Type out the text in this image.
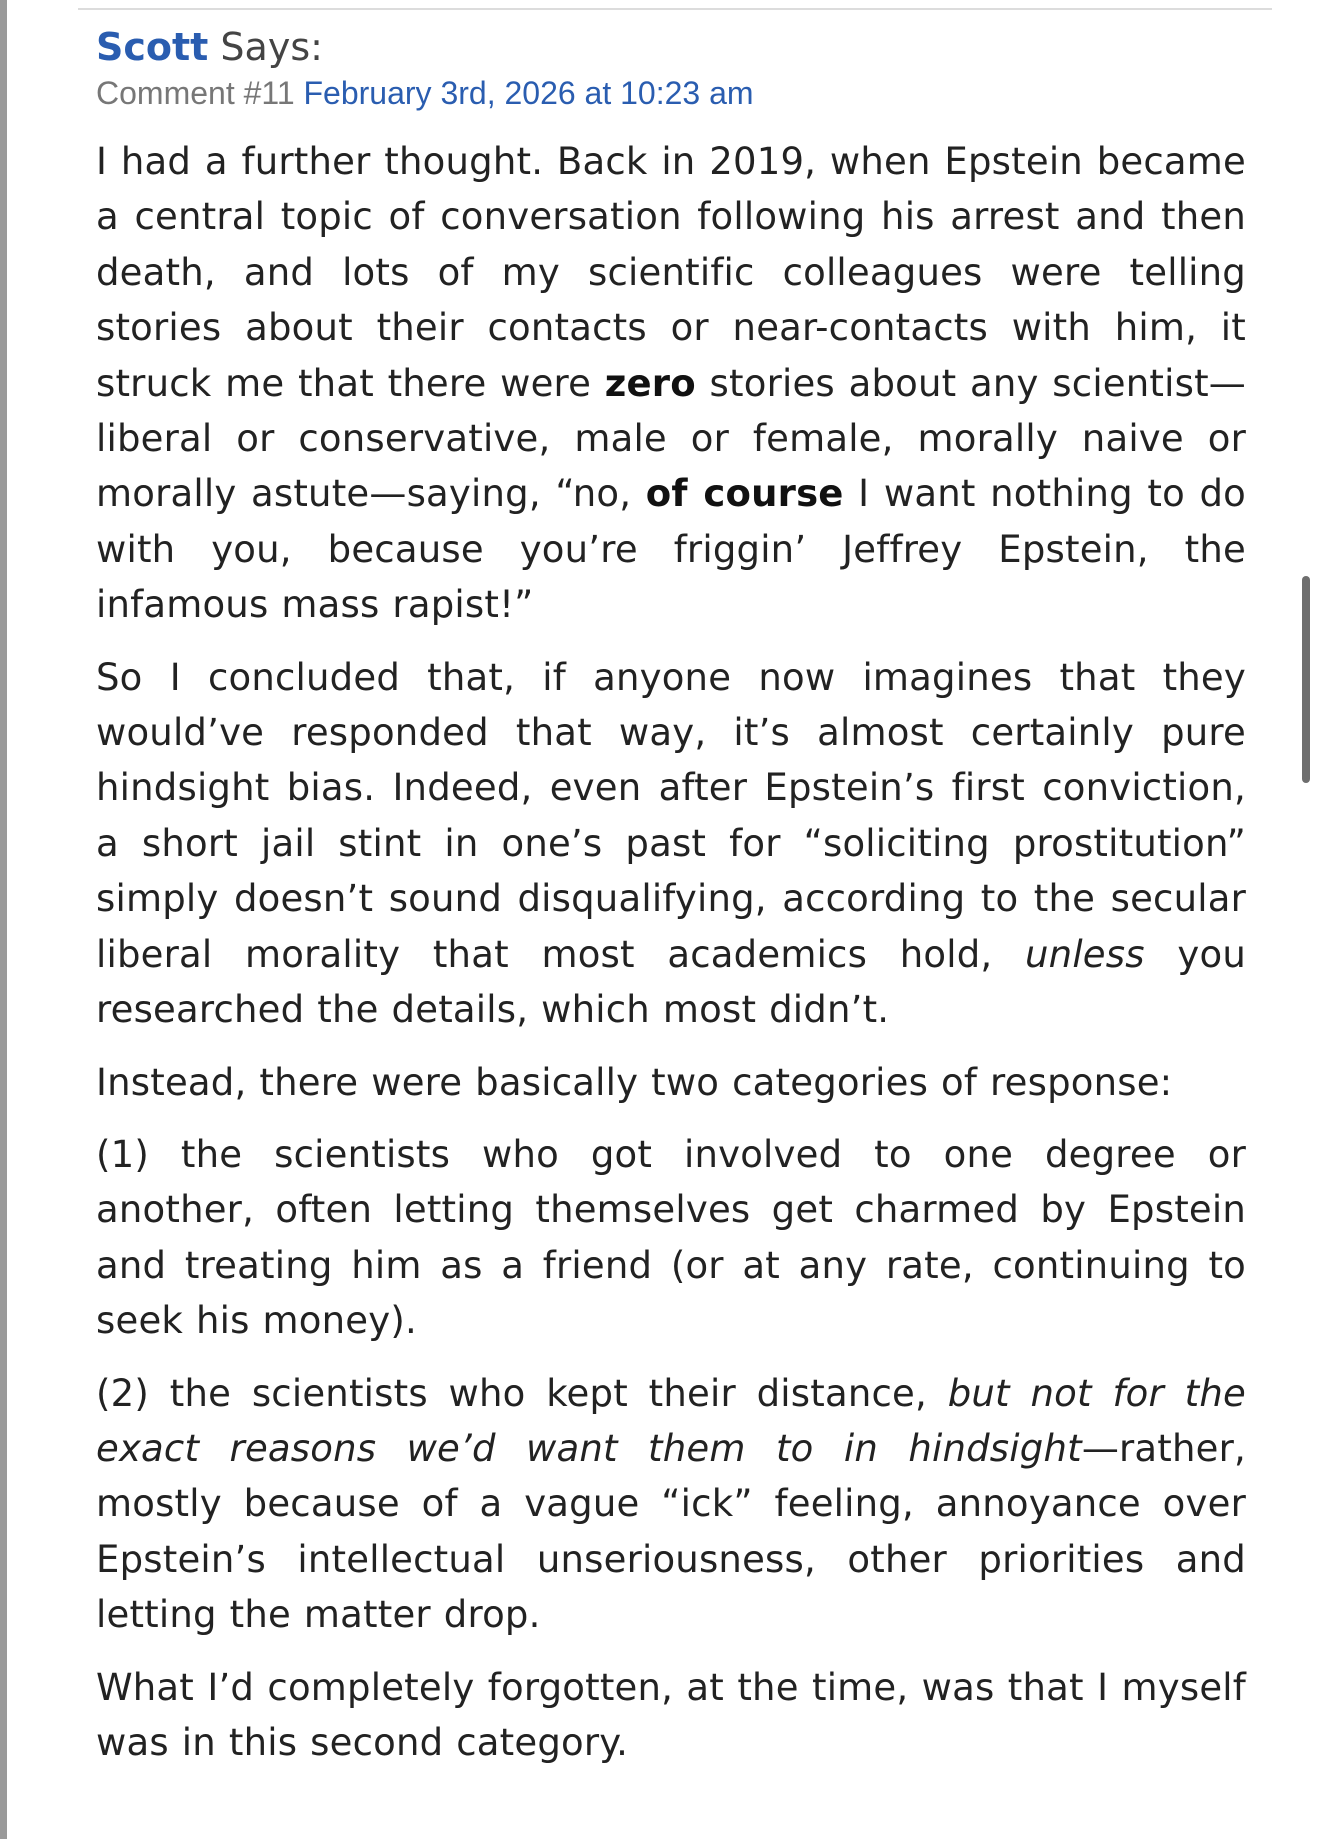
Scott Says:

Comment #11 February 3rd, 2026 at 10:23 am

I had a further thought. Back in 2019, when Epstein became a central topic of conversation following his arrest and then death, and lots of my scientific colleagues were telling stories about their contacts or near-contacts with him, it struck me that there were zero stories about any scientist—liberal or conservative, male or female, morally naive or morally astute—saying, “no, of course I want nothing to do with you, because you’re friggin’ Jeffrey Epstein, the infamous mass rapist!”

So I concluded that, if anyone now imagines that they would’ve responded that way, it’s almost certainly pure hindsight bias. Indeed, even after Epstein’s first conviction, a short jail stint in one’s past for “soliciting prostitution” simply doesn’t sound disqualifying, according to the secular liberal morality that most academics hold, unless you researched the details, which most didn’t.

Instead, there were basically two categories of response:

(1) the scientists who got involved to one degree or another, often letting themselves get charmed by Epstein and treating him as a friend (or at any rate, continuing to seek his money).

(2) the scientists who kept their distance, but not for the exact reasons we’d want them to in hindsight—rather, mostly because of a vague “ick” feeling, annoyance over Epstein’s intellectual unseriousness, other priorities and letting the matter drop.

What I’d completely forgotten, at the time, was that I myself was in this second category.
